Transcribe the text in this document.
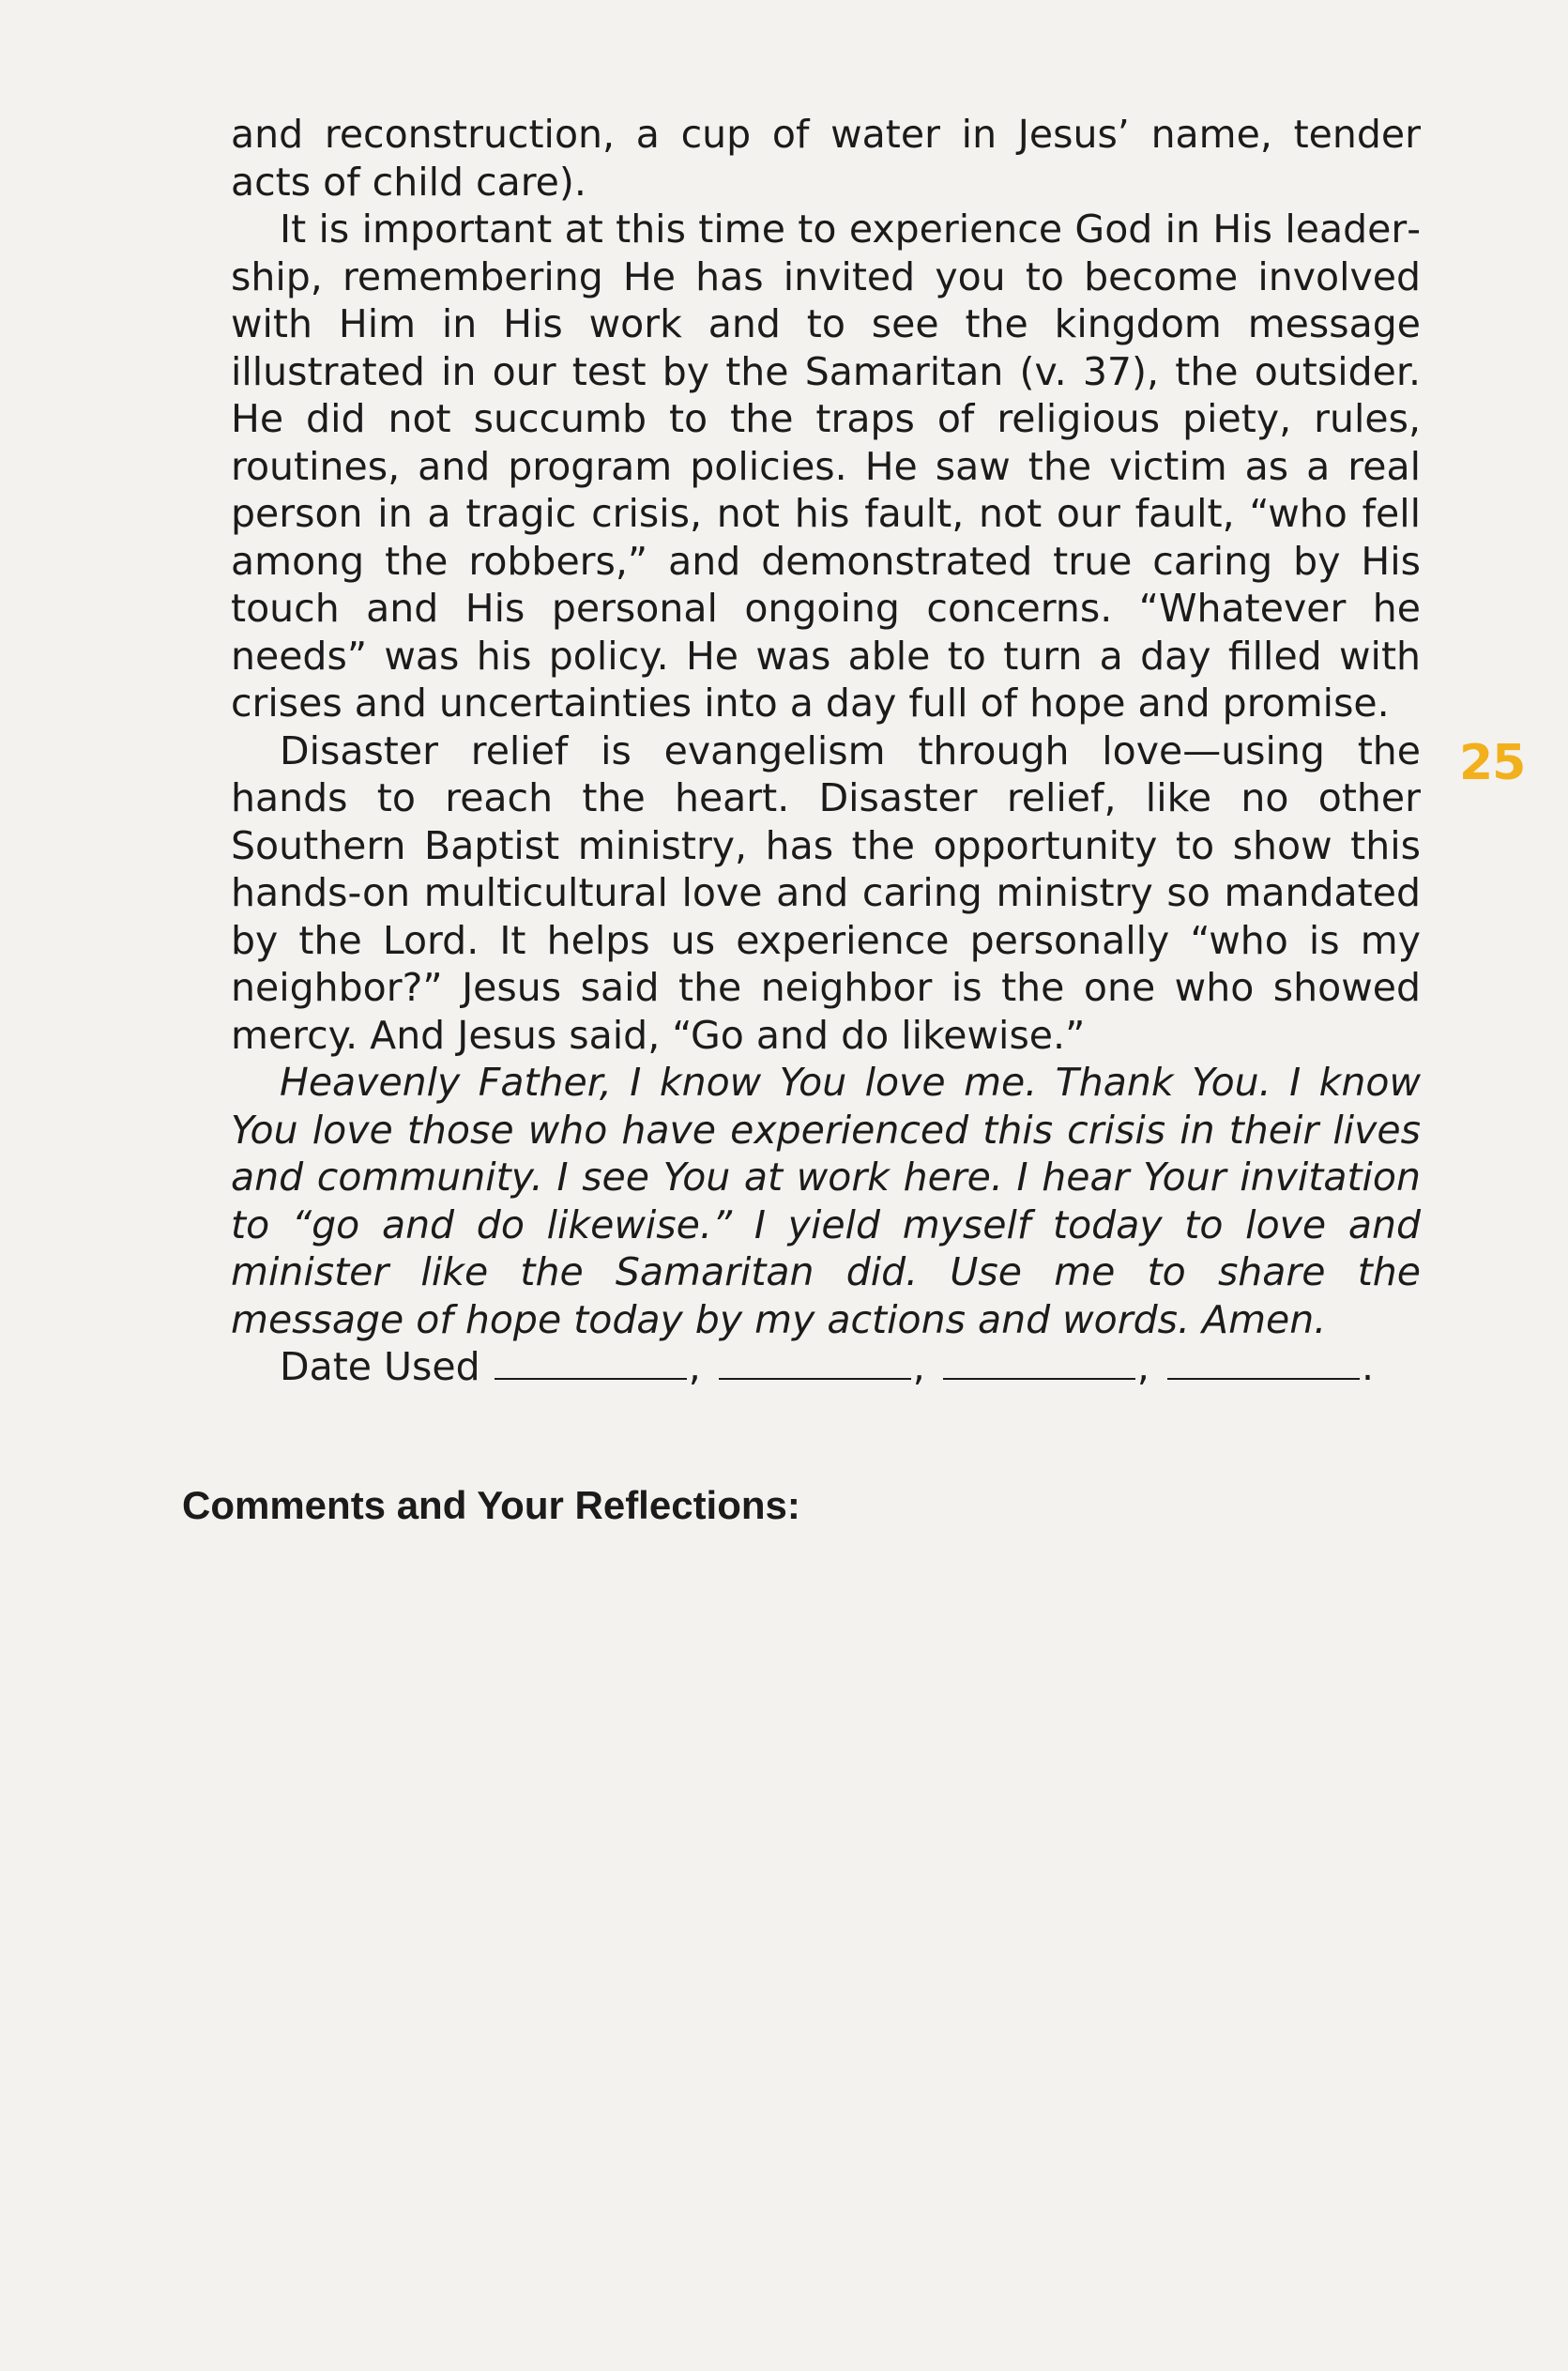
and reconstruction, a cup of water in Jesus’ name, tender acts of child care).

It is important at this time to experience God in His leadership, remembering He has invited you to become involved with Him in His work and to see the kingdom message illustrated in our test by the Samaritan (v. 37), the outsider. He did not succumb to the traps of religious piety, rules, routines, and program policies. He saw the victim as a real person in a tragic crisis, not his fault, not our fault, “who fell among the robbers,” and demonstrated true caring by His touch and His personal ongoing concerns. “Whatever he needs” was his policy. He was able to turn a day filled with crises and uncertainties into a day full of hope and promise.

Disaster relief is evangelism through love—using the hands to reach the heart. Disaster relief, like no other Southern Baptist ministry, has the opportunity to show this hands-on multicultural love and caring ministry so mandated by the Lord. It helps us experience personally “who is my neighbor?” Jesus said the neighbor is the one who showed mercy. And Jesus said, “Go and do likewise.”

Heavenly Father, I know You love me. Thank You. I know You love those who have experienced this crisis in their lives and community. I see You at work here. I hear Your invitation to “go and do likewise.” I yield myself today to love and minister like the Samaritan did. Use me to share the message of hope today by my actions and words. Amen.

Date Used	,	,	,	.

25
Comments and Your Reflections:
